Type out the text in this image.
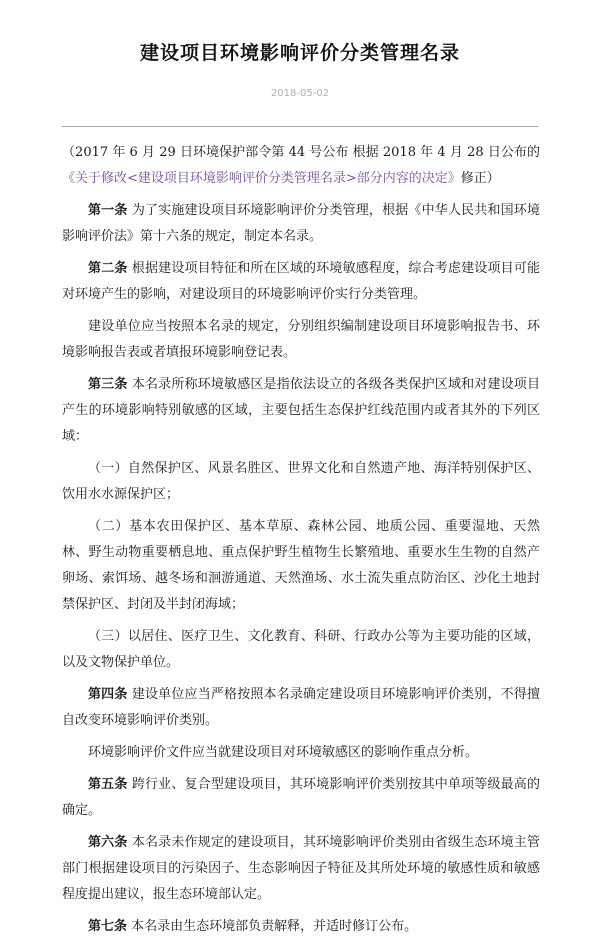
建设项目环境影响评价分类管理名录
2018-05-02

（2017 年 6 月 29 日环境保护部令第 44 号公布 根据 2018 年 4 月 28 日公布的《关于修改<建设项目环境影响评价分类管理名录>部分内容的决定》修正）

第一条 为了实施建设项目环境影响评价分类管理，根据《中华人民共和国环境影响评价法》第十六条的规定，制定本名录。

第二条 根据建设项目特征和所在区域的环境敏感程度，综合考虑建设项目可能对环境产生的影响，对建设项目的环境影响评价实行分类管理。

建设单位应当按照本名录的规定，分别组织编制建设项目环境影响报告书、环境影响报告表或者填报环境影响登记表。

第三条 本名录所称环境敏感区是指依法设立的各级各类保护区域和对建设项目产生的环境影响特别敏感的区域，主要包括生态保护红线范围内或者其外的下列区域：

（一）自然保护区、风景名胜区、世界文化和自然遗产地、海洋特别保护区、饮用水水源保护区；

（二）基本农田保护区、基本草原、森林公园、地质公园、重要湿地、天然林、野生动物重要栖息地、重点保护野生植物生长繁殖地、重要水生生物的自然产卵场、索饵场、越冬场和洄游通道、天然渔场、水土流失重点防治区、沙化土地封禁保护区、封闭及半封闭海域；

（三）以居住、医疗卫生、文化教育、科研、行政办公等为主要功能的区域，以及文物保护单位。

第四条 建设单位应当严格按照本名录确定建设项目环境影响评价类别，不得擅自改变环境影响评价类别。

环境影响评价文件应当就建设项目对环境敏感区的影响作重点分析。

第五条 跨行业、复合型建设项目，其环境影响评价类别按其中单项等级最高的确定。

第六条 本名录未作规定的建设项目，其环境影响评价类别由省级生态环境主管部门根据建设项目的污染因子、生态影响因子特征及其所处环境的敏感性质和敏感程度提出建议，报生态环境部认定。

第七条 本名录由生态环境部负责解释，并适时修订公布。
